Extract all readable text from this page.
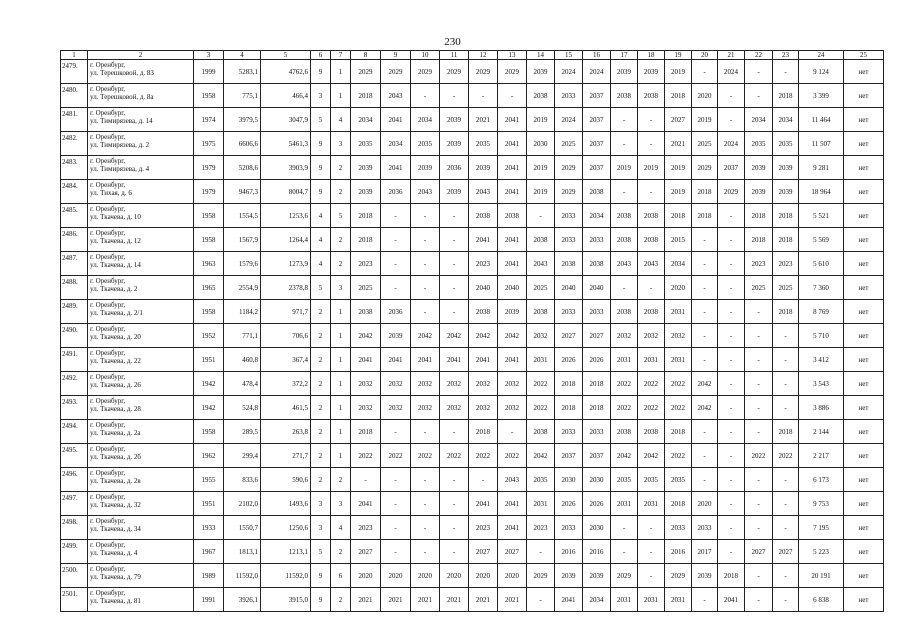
230
1	2	3	4	5	6	7	8	9	10	11	12	13	14	15	16	17	18	19	20	21	22	23	24	25
2479.	г. Оренбург,
ул. Терешковой, д. 83	1999	5283,1	4762,6	9	1	2029	2029	2029	2029	2029	2029	2039	2024	2024	2039	2039	2019	-	2024	-	-	9 124	нет
2480.	г. Оренбург,
ул. Терешковой, д. 8а	1958	775,1	466,4	3	1	2018	2043	-	-	-	-	2038	2033	2037	2038	2038	2018	2020	-	-	2018	3 399	нет
2481.	г. Оренбург,
ул. Тимирязева, д. 14	1974	3979,5	3047,9	5	4	2034	2041	2034	2039	2021	2041	2019	2024	2037	-	-	2027	2019	-	2034	2034	11 464	нет
2482.	г. Оренбург,
ул. Тимирязева, д. 2	1975	6606,6	5461,3	9	3	2035	2034	2035	2039	2035	2041	2030	2025	2037	-	-	2021	2025	2024	2035	2035	11 507	нет
2483.	г. Оренбург,
ул. Тимирязева, д. 4	1979	5208,6	3903,9	9	2	2039	2041	2039	2036	2039	2041	2019	2029	2037	2019	2019	2019	2029	2037	2039	2039	9 281	нет
2484.	г. Оренбург,
ул. Тихая, д. 6	1979	9467,3	8004,7	9	2	2039	2036	2043	2039	2043	2041	2019	2029	2038	-	-	2019	2018	2029	2039	2039	18 964	нет
2485.	г. Оренбург,
ул. Ткачева, д. 10	1958	1554,5	1253,6	4	5	2018	-	-	-	2038	2038	-	2033	2034	2038	2038	2018	2018	-	2018	2018	5 521	нет
2486.	г. Оренбург,
ул. Ткачева, д. 12	1958	1567,9	1264,4	4	2	2018	-	-	-	2041	2041	2038	2033	2033	2038	2038	2015	-	-	2018	2018	5 569	нет
2487.	г. Оренбург,
ул. Ткачева, д. 14	1963	1579,6	1273,9	4	2	2023	-	-	-	2023	2041	2043	2038	2038	2043	2043	2034	-	-	2023	2023	5 610	нет
2488.	г. Оренбург,
ул. Ткачева, д. 2	1965	2554,9	2378,8	5	3	2025	-	-	-	2040	2040	2025	2040	2040	-	-	2020	-	-	2025	2025	7 360	нет
2489.	г. Оренбург,
ул. Ткачева, д. 2/1	1958	1184,2	971,7	2	1	2038	2036	-	-	2038	2039	2038	2033	2033	2038	2038	2031	-	-	-	2018	8 769	нет
2490.	г. Оренбург,
ул. Ткачева, д. 20	1952	771,1	706,6	2	1	2042	2039	2042	2042	2042	2042	2032	2027	2027	2032	2032	2032	-	-	-	-	5 710	нет
2491.	г. Оренбург,
ул. Ткачева, д. 22	1951	460,8	367,4	2	1	2041	2041	2041	2041	2041	2041	2031	2026	2026	2031	2031	2031	-	-	-	-	3 412	нет
2492.	г. Оренбург,
ул. Ткачева, д. 26	1942	478,4	372,2	2	1	2032	2032	2032	2032	2032	2032	2022	2018	2018	2022	2022	2022	2042	-	-	-	3 543	нет
2493.	г. Оренбург,
ул. Ткачева, д. 28	1942	524,8	461,5	2	1	2032	2032	2032	2032	2032	2032	2022	2018	2018	2022	2022	2022	2042	-	-	-	3 886	нет
2494.	г. Оренбург,
ул. Ткачева, д. 2а	1958	289,5	263,8	2	1	2018	-	-	-	2018	-	2038	2033	2033	2038	2038	2018	-	-	-	2018	2 144	нет
2495.	г. Оренбург,
ул. Ткачева, д. 2б	1962	299,4	271,7	2	1	2022	2022	2022	2022	2022	2022	2042	2037	2037	2042	2042	2022	-	-	2022	2022	2 217	нет
2496.	г. Оренбург,
ул. Ткачева, д. 2в	1955	833,6	590,6	2	2	-	-	-	-	-	2043	2035	2030	2030	2035	2035	2035	-	-	-	-	6 173	нет
2497.	г. Оренбург,
ул. Ткачева, д. 32	1951	2102,0	1493,6	3	3	2041	-	-	-	2041	2041	2031	2026	2026	2031	2031	2018	2020	-	-	-	9 753	нет
2498.	г. Оренбург,
ул. Ткачева, д. 34	1933	1550,7	1250,6	3	4	2023	-	-	-	2023	2041	2023	2033	2030	-	-	2033	2033	-	-	-	7 195	нет
2499.	г. Оренбург,
ул. Ткачева, д. 4	1967	1813,1	1213,1	5	2	2027	-	-	-	2027	2027	-	2016	2016	-	-	2016	2017	-	2027	2027	5 223	нет
2500.	г. Оренбург,
ул. Ткачева, д. 79	1989	11592,0	11592,0	9	6	2020	2020	2020	2020	2020	2020	2029	2039	2039	2029	-	2029	2039	2018	-	-	20 191	нет
2501.	г. Оренбург,
ул. Ткачева, д. 81	1991	3926,1	3915,0	9	2	2021	2021	2021	2021	2021	2021	-	2041	2034	2031	2031	2031	-	2041	-	-	6 838	нет
